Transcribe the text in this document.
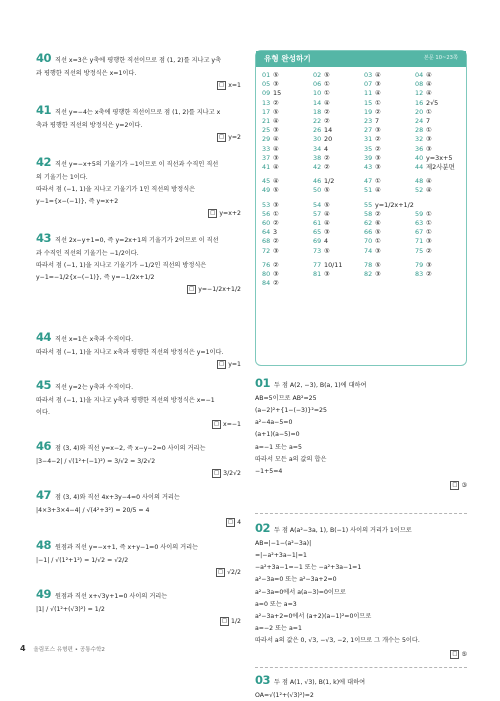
40 직선 x=3은 y축에 평행한 직선이므로 점 (1, 2)를 지나고 y축
과 평행한 직선의 방정식은 x=1이다.
□ x=1
41 직선 y=−4는 x축에 평행한 직선이므로 점 (1, 2)를 지나고 x
축과 평행한 직선의 방정식은 y=2이다.
□ y=2
42 직선 y=−x+5의 기울기가 −1이므로 이 직선과 수직인 직선
의 기울기는 1이다.
따라서 점 (−1, 1)을 지나고 기울기가 1인 직선의 방정식은
y−1={x−(−1)}, 즉 y=x+2
□ y=x+2
43 직선 2x−y+1=0, 즉 y=2x+1의 기울기가 2이므로 이 직선
과 수직인 직선의 기울기는 −1/2이다.
따라서 점 (−1, 1)을 지나고 기울기가 −1/2인 직선의 방정식은
y−1=−1/2{x−(−1)}, 즉 y=−1/2x+1/2
□ y=−1/2x+1/2
44 직선 x=1은 x축과 수직이다.
따라서 점 (−1, 1)을 지나고 x축과 평행한 직선의 방정식은 y=1이다.
□ y=1
45 직선 y=2는 y축과 수직이다.
따라서 점 (−1, 1)을 지나고 y축과 평행한 직선의 방정식은 x=−1
이다.
□ x=−1
46 점 (3, 4)와 직선 y=x−2, 즉 x−y−2=0 사이의 거리는
|3−4−2| / √(1²+(−1)²) = 3/√2 = 3/2√2
□ 3/2√2
47 점 (3, 4)와 직선 4x+3y−4=0 사이의 거리는
|4×3+3×4−4| / √(4²+3²) = 20/5 = 4
□ 4
48 원점과 직선 y=−x+1, 즉 x+y−1=0 사이의 거리는
|−1| / √(1²+1²) = 1/√2 = √2/2
□ √2/2
49 원점과 직선 x+√3y+1=0 사이의 거리는
|1| / √(1²+(√3)²) = 1/2
□ 1/2
유형 완성하기	본문 10~23쪽
01 ⑤	02 ⑤	03 ④	04 ④
05 ③	06 ①	07 ③	08 ④
09 15	10 ①	11 ④	12 ④
13 ②	14 ④	15 ①	16 2√5
17 ⑤	18 ②	19 ②	20 ①
21 ④	22 ②	23 7	24 7
25 ③	26 14	27 ③	28 ①
29 ④	30 20	31 ②	32 ③
33 ④	34 4	35 ②	36 ③
37 ③	38 ②	39 ③	40 y=3x+5
41 ④	42 ②	43 ③	44 제2사분면
45 ④	46 1/2	47 ①	48 ④
49 ⑤	50 ⑤	51 ④	52 ④
53 ③	54 ⑤	55 y=1/2x+1/2
56 ①	57 ④	58 ②	59 ①
60 ②	61 ④	62 ⑥	63 ①
64 3	65 ③	66 ⑤	67 ①
68 ②	69 4	70 ①	71 ③
72 ③	73 ⑤	74 ③	75 ②
76 ②	77 10/11	78 ⑤	79 ③
80 ③	81 ③	82 ③	83 ②
84 ②
01 두 점 A(2, −3), B(a, 1)에 대하여
AB=5이므로 AB²=25
(a−2)²+{1−(−3)}²=25
a²−4a−5=0
(a+1)(a−5)=0
a=−1 또는 a=5
따라서 모든 a의 값의 합은
−1+5=4
□ ③
02 두 점 A(a²−3a, 1), B(−1) 사이의 거리가 1이므로
AB=|−1−(a²−3a)|
=|−a²+3a−1|=1
−a²+3a−1=−1 또는 −a²+3a−1=1
a²−3a=0 또는 a²−3a+2=0
a²−3a=0에서 a(a−3)=0이므로
a=0 또는 a=3
a²−3a+2=0에서 (a+2)(a−1)²=0이므로
a=−2 또는 a=1
따라서 a의 값은 0, √3, −√3, −2, 1이므로 그 개수는 5이다.
□ ⑤
03 두 점 A(1, √3), B(1, k)에 대하여
OA=√(1²+(√3)²)=2
4 올림포스 유형편 • 공통수학2
